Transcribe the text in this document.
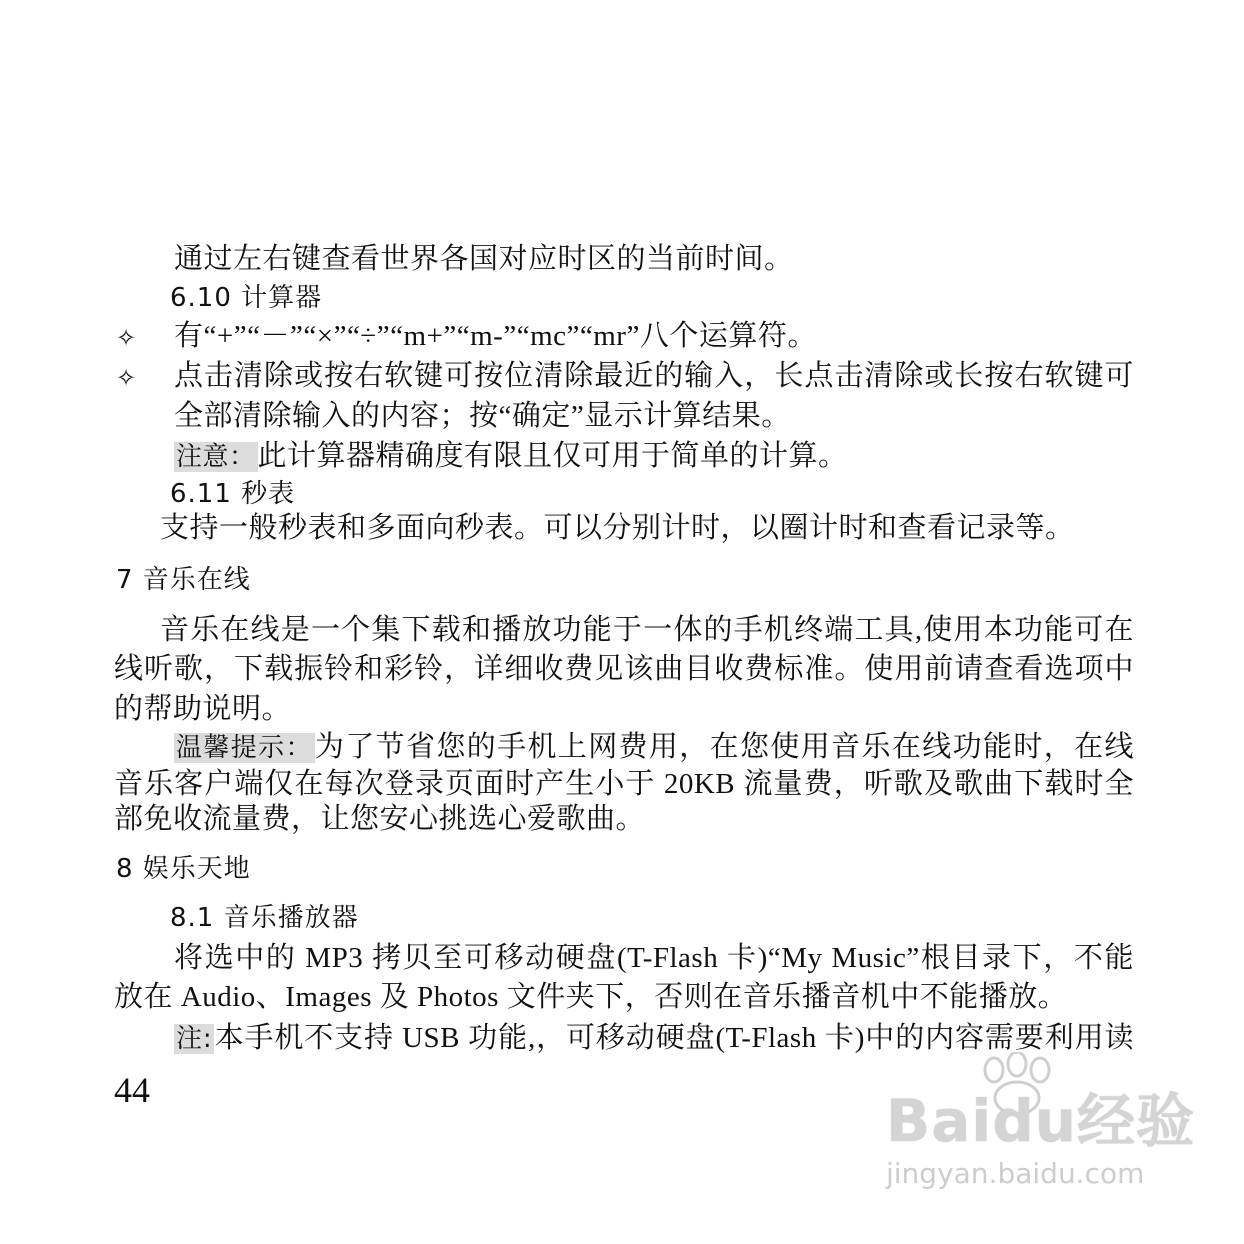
通过左右键查看世界各国对应时区的当前时间。
6.10 计算器
✧ 有“+”“－”“×”“÷”“m+”“m-”“mc”“mr”八个运算符。
✧ 点击清除或按右软键可按位清除最近的输入，长点击清除或长按右软键可
全部清除输入的内容；按“确定”显示计算结果。
注意：此计算器精确度有限且仅可用于简单的计算。
6.11 秒表
支持一般秒表和多面向秒表。可以分别计时，以圈计时和查看记录等。
7 音乐在线
音乐在线是一个集下载和播放功能于一体的手机终端工具,使用本功能可在
线听歌，下载振铃和彩铃，详细收费见该曲目收费标准。使用前请查看选项中
的帮助说明。
温馨提示：为了节省您的手机上网费用，在您使用音乐在线功能时，在线
音乐客户端仅在每次登录页面时产生小于 20KB 流量费，听歌及歌曲下载时全
部免收流量费，让您安心挑选心爱歌曲。
8 娱乐天地
8.1 音乐播放器
将选中的 MP3 拷贝至可移动硬盘(T-Flash 卡)“My Music”根目录下，不能
放在 Audio、Images 及 Photos 文件夹下，否则在音乐播音机中不能播放。
注:本手机不支持 USB 功能,，可移动硬盘(T-Flash 卡)中的内容需要利用读
44	Baidu经验
jingyan.baidu.com
